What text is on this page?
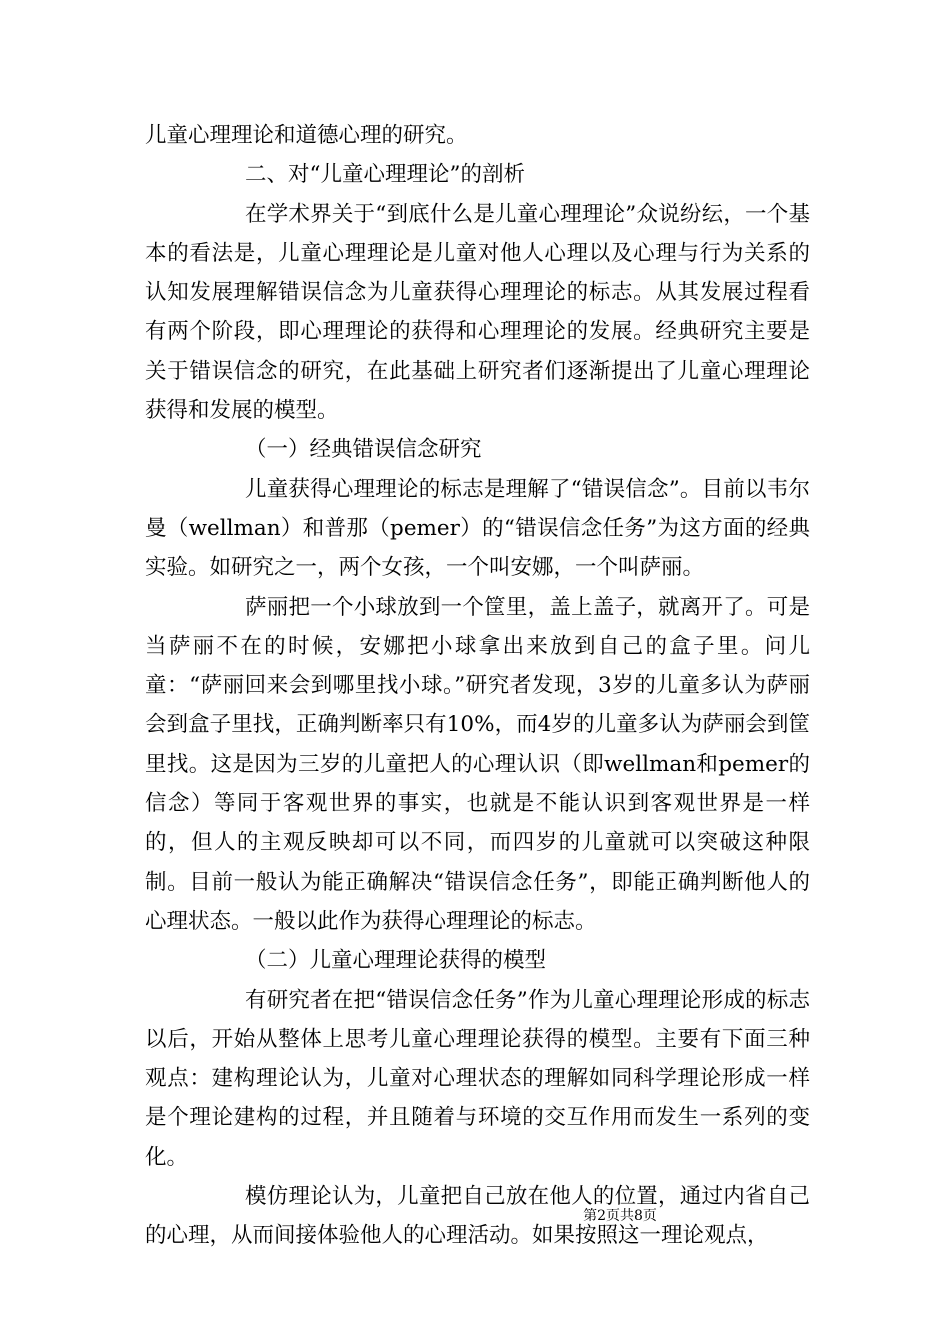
儿童心理理论和道德心理的研究。

二、对“儿童心理理论”的剖析

在学术界关于“到底什么是儿童心理理论”众说纷纭，一个基本的看法是，儿童心理理论是儿童对他人心理以及心理与行为关系的认知发展理解错误信念为儿童获得心理理论的标志。从其发展过程看有两个阶段，即心理理论的获得和心理理论的发展。经典研究主要是关于错误信念的研究，在此基础上研究者们逐渐提出了儿童心理理论获得和发展的模型。

（一）经典错误信念研究

儿童获得心理理论的标志是理解了“错误信念”。目前以韦尔曼（wellman）和普那（pemer）的“错误信念任务”为这方面的经典实验。如研究之一，两个女孩，一个叫安娜，一个叫萨丽。

萨丽把一个小球放到一个筐里，盖上盖子，就离开了。可是当萨丽不在的时候，安娜把小球拿出来放到自己的盒子里。问儿童：“萨丽回来会到哪里找小球。”研究者发现，3岁的儿童多认为萨丽会到盒子里找，正确判断率只有10%，而4岁的儿童多认为萨丽会到筐里找。这是因为三岁的儿童把人的心理认识（即wellman和pemer的信念）等同于客观世界的事实，也就是不能认识到客观世界是一样的，但人的主观反映却可以不同，而四岁的儿童就可以突破这种限制。目前一般认为能正确解决“错误信念任务”，即能正确判断他人的心理状态。一般以此作为获得心理理论的标志。

（二）儿童心理理论获得的模型

有研究者在把“错误信念任务”作为儿童心理理论形成的标志以后，开始从整体上思考儿童心理理论获得的模型。主要有下面三种观点：建构理论认为，儿童对心理状态的理解如同科学理论形成一样是个理论建构的过程，并且随着与环境的交互作用而发生一系列的变化。

模仿理论认为，儿童把自己放在他人的位置，通过内省自己的心理，从而间接体验他人的心理活动。如果按照这一理论观点，

第2页共8页
